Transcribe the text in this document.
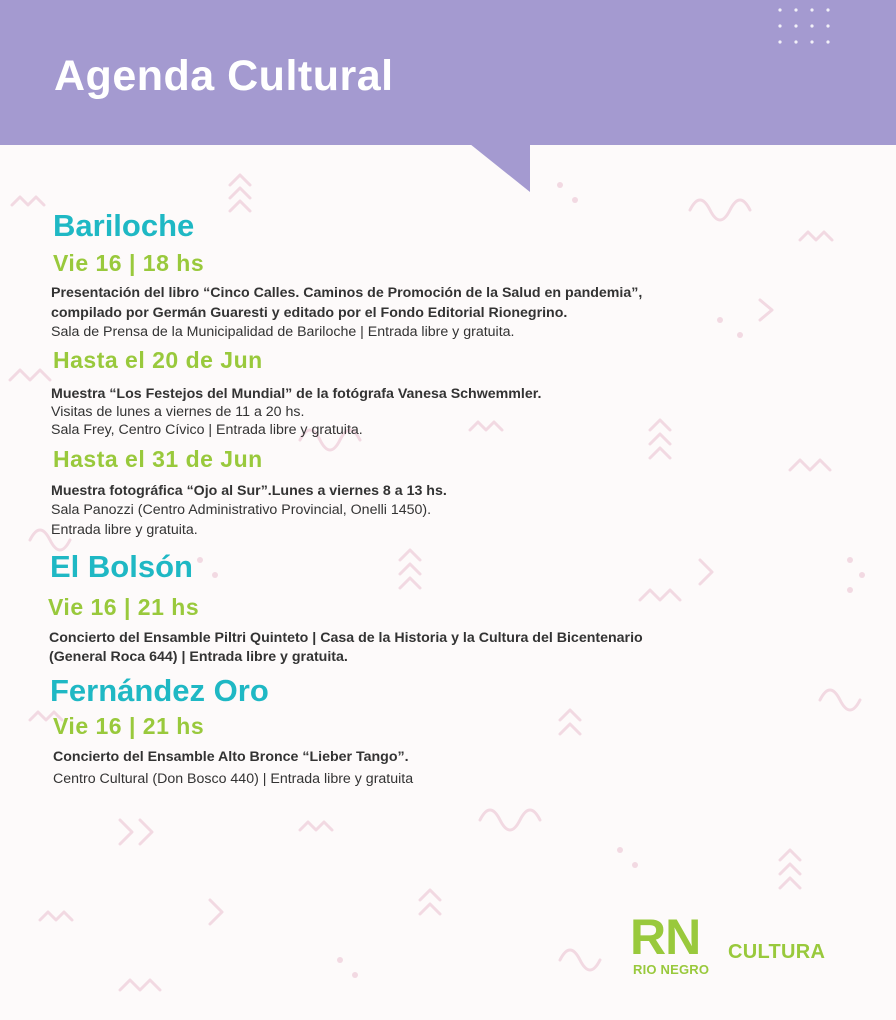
Agenda Cultural
Bariloche
Vie 16 | 18 hs

Presentación del libro “Cinco Calles. Caminos de Promoción de la Salud en pandemia”,

compilado por Germán Guaresti y editado por el Fondo Editorial Rionegrino.

Sala de Prensa de la Municipalidad de Bariloche | Entrada libre y gratuita.

Hasta el 20 de Jun

Muestra “Los Festejos del Mundial” de la fotógrafa Vanesa Schwemmler.

Visitas de lunes a viernes de 11 a 20 hs.

Sala Frey, Centro Cívico | Entrada libre y gratuita.

Hasta el 31 de Jun

Muestra fotográfica “Ojo al Sur”.Lunes a viernes 8 a 13 hs.

Sala Panozzi (Centro Administrativo Provincial, Onelli 1450).

Entrada libre y gratuita.

El Bolsón
Vie 16 | 21 hs

Concierto del Ensamble Piltri Quinteto | Casa de la Historia y la Cultura del Bicentenario

(General Roca 644) | Entrada libre y gratuita.

Fernández Oro
Vie 16 | 21 hs

Concierto del Ensamble Alto Bronce “Lieber Tango”.

Centro Cultural (Don Bosco 440) | Entrada libre y gratuita

RN
RIO NEGRO
CULTURA
